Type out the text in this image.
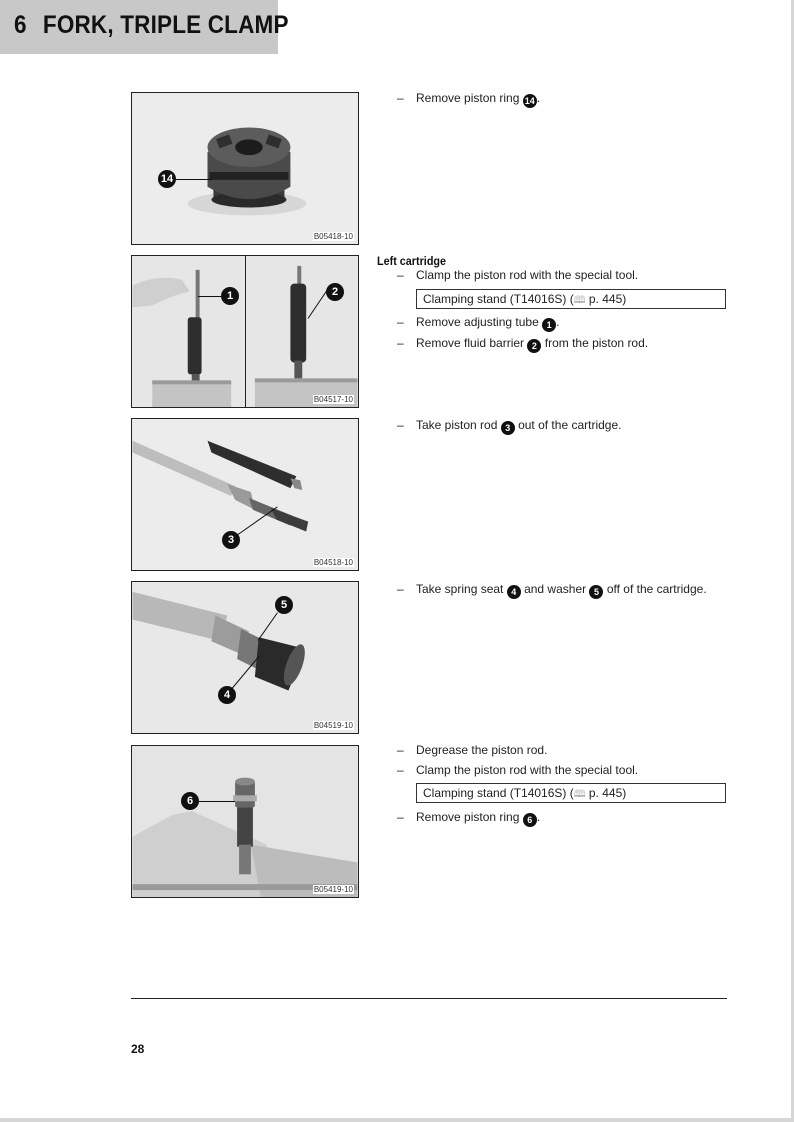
6 FORK, TRIPLE CLAMP
14
B05418-10
1	2
B04517-10
3
B04518-10
5
4
B04519-10
6
B05419-10
– Remove piston ring 14 .
Left cartridge
– Clamp the piston rod with the special tool.
Clamping stand (T14016S) (🕮 p. 445)
– Remove adjusting tube 1 .
– Remove fluid barrier 2 from the piston rod.
– Take piston rod 3 out of the cartridge.
– Take spring seat 4 and washer 5 off of the cartridge.
– Degrease the piston rod.
– Clamp the piston rod with the special tool.
Clamping stand (T14016S) (🕮 p. 445)
– Remove piston ring 6 .
28
